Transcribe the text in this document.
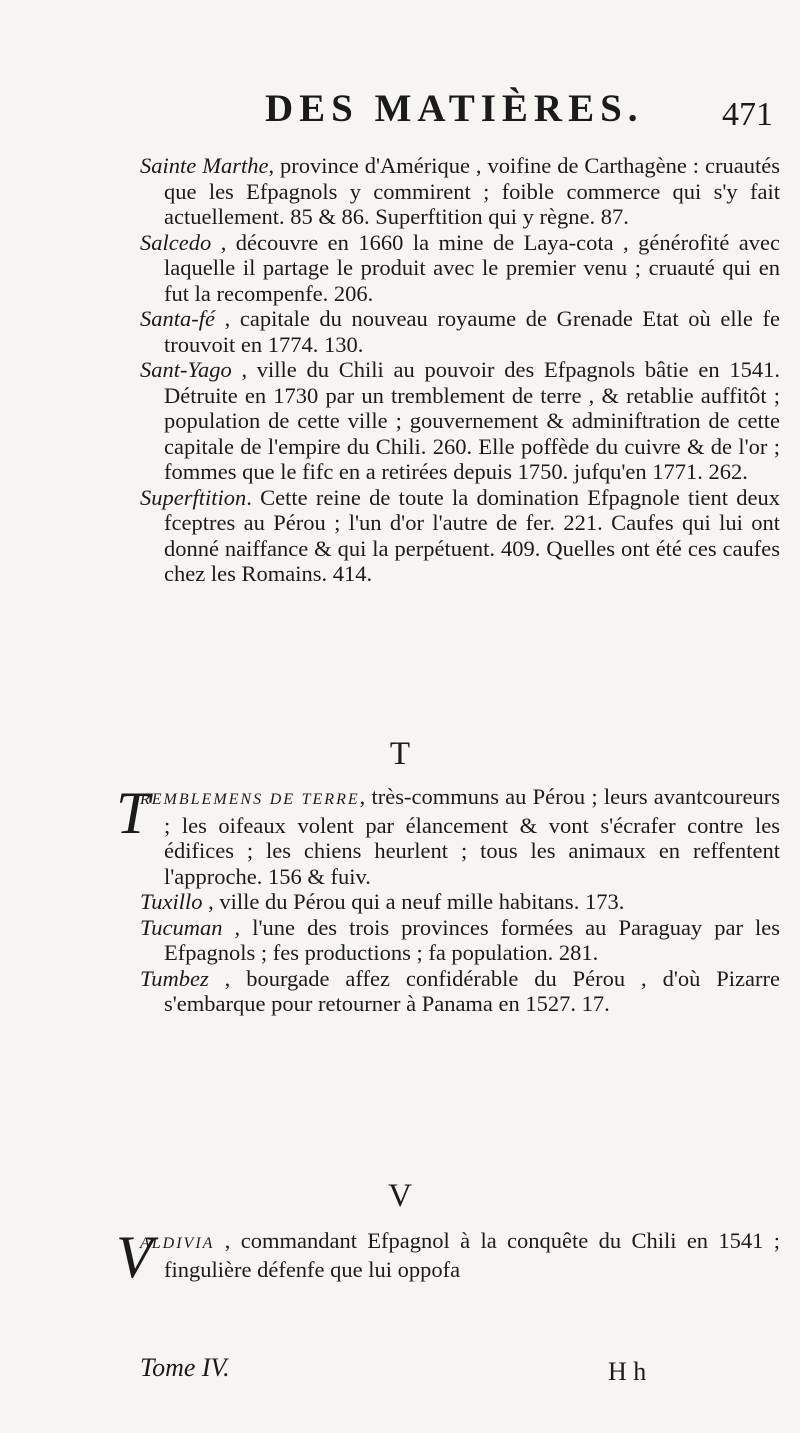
DES MATIÈRES. 471

Sainte Marthe, province d'Amérique , voifine de Carthagène : cruautés que les Efpagnols y commirent ; foible commerce qui s'y fait actuellement. 85 & 86. Superftition qui y règne. 87.

Salcedo , découvre en 1660 la mine de Laya-cota , générofité avec laquelle il partage le produit avec le premier venu ; cruauté qui en fut la recompenfe. 206.

Santa-fé , capitale du nouveau royaume de Grenade Etat où elle fe trouvoit en 1774. 130.

Sant-Yago , ville du Chili au pouvoir des Efpagnols bâtie en 1541. Détruite en 1730 par un tremblement de terre , & retablie auffitôt ; population de cette ville ; gouvernement & adminiftration de cette capitale de l'empire du Chili. 260. Elle poffède du cuivre & de l'or ; fommes que le fifc en a retirées depuis 1750. jufqu'en 1771. 262.

Superftition. Cette reine de toute la domination Efpagnole tient deux fceptres au Pérou ; l'un d'or l'autre de fer. 221. Caufes qui lui ont donné naiffance & qui la perpétuent. 409. Quelles ont été ces caufes chez les Romains. 414.

T

T
REMBLEMENS DE TERRE, très-communs au Pérou ; leurs avantcoureurs ; les oifeaux volent par élancement & vont s'écrafer contre les édifices ; les chiens heurlent ; tous les animaux en reffentent l'approche. 156 & fuiv.

Tuxillo , ville du Pérou qui a neuf mille habitans. 173.

Tucuman , l'une des trois provinces formées au Paraguay par les Efpagnols ; fes productions ; fa population. 281.

Tumbez , bourgade affez confidérable du Pérou , d'où Pizarre s'embarque pour retourner à Panama en 1527. 17.

V

V
ALDIVIA , commandant Efpagnol à la conquête du Chili en 1541 ; fingulière défenfe que lui oppofa

Tome IV.	H h
